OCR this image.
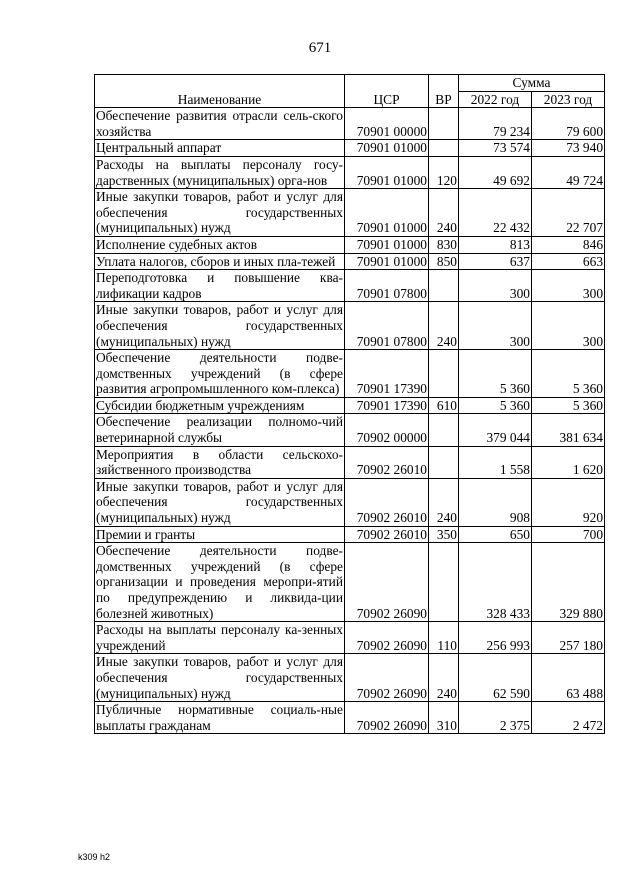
671
Наименование	ЦСР	ВР	Сумма	
			2022 год	2023 год
Обеспечение развития отрасли сель-ского хозяйства	70901 00000		79 234	79 600
Центральный аппарат	70901 01000		73 574	73 940
Расходы на выплаты персоналу госу-дарственных (муниципальных) орга-нов	70901 01000	120	49 692	49 724
Иные закупки товаров, работ и услуг для обеспечения государственных (муниципальных) нужд	70901 01000	240	22 432	22 707
Исполнение судебных актов	70901 01000	830	813	846
Уплата налогов, сборов и иных пла-тежей	70901 01000	850	637	663
Переподготовка и повышение ква-лификации кадров	70901 07800		300	300
Иные закупки товаров, работ и услуг для обеспечения государственных (муниципальных) нужд	70901 07800	240	300	300
Обеспечение деятельности подве-домственных учреждений (в сфере развития агропромышленного ком-плекса)	70901 17390		5 360	5 360
Субсидии бюджетным учреждениям	70901 17390	610	5 360	5 360
Обеспечение реализации полномо-чий ветеринарной службы	70902 00000		379 044	381 634
Мероприятия в области сельскохо-зяйственного производства	70902 26010		1 558	1 620
Иные закупки товаров, работ и услуг для обеспечения государственных (муниципальных) нужд	70902 26010	240	908	920
Премии и гранты	70902 26010	350	650	700
Обеспечение деятельности подве-домственных учреждений (в сфере организации и проведения меропри-ятий по предупреждению и ликвида-ции болезней животных)	70902 26090		328 433	329 880
Расходы на выплаты персоналу ка-зенных учреждений	70902 26090	110	256 993	257 180
Иные закупки товаров, работ и услуг для обеспечения государственных (муниципальных) нужд	70902 26090	240	62 590	63 488
Публичные нормативные социаль-ные выплаты гражданам	70902 26090	310	2 375	2 472
k309 h2
